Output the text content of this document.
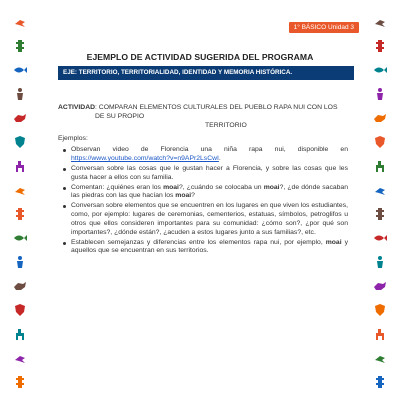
1° BÁSICO Unidad 3
EJEMPLO DE ACTIVIDAD SUGERIDA DEL PROGRAMA
EJE: TERRITORIO, TERRITORIALIDAD, IDENTIDAD Y MEMORIA HISTÓRICA.
ACTIVIDAD : COMPARAN ELEMENTOS CULTURALES DEL PUEBLO RAPA NUI CON LOS DE SU PROPIO
TERRITORIO
Ejemplos:
Observan video de Florencia una niña rapa nui, disponible en https://www.youtube.com/watch?v=n9APr2LsCwI.
Conversan sobre las cosas que le gustan hacer a Florencia, y sobre las cosas que les gusta hacer a ellos con su familia.
Comentan: ¿quiénes eran los moai?, ¿cuándo se colocaba un moai?, ¿de dónde sacaban las piedras con las que hacían los moai?
Conversan sobre elementos que se encuentren en los lugares en que viven los estudiantes, como, por ejemplo: lugares de ceremonias, cementerios, estatuas, símbolos, petroglifos u otros que ellos consideren importantes para su comunidad: ¿cómo son?, ¿por qué son importantes?, ¿dónde están?, ¿acuden a estos lugares junto a sus familias?, etc.
Establecen semejanzas y diferencias entre los elementos rapa nui, por ejemplo, moai y aquellos que se encuentran en sus territorios.
